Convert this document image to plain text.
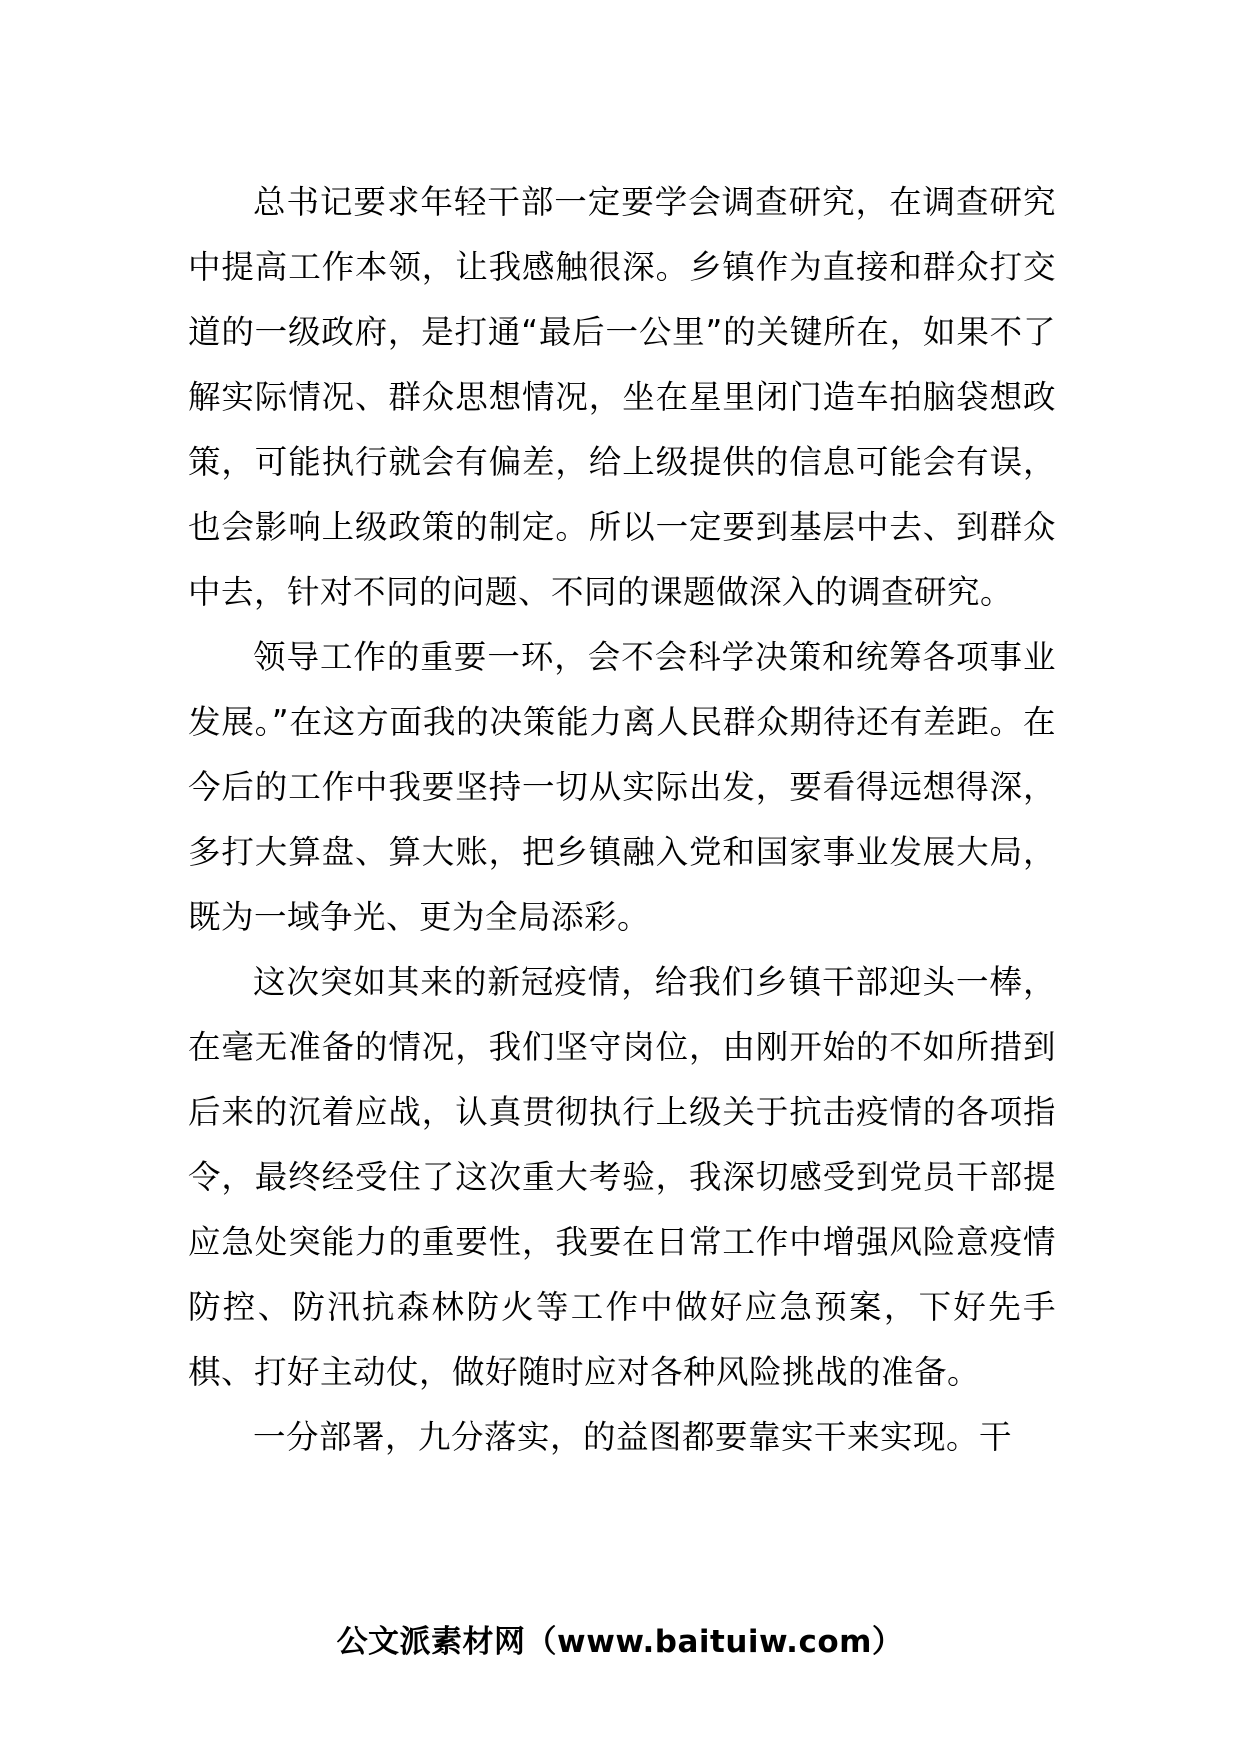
总书记要求年轻干部一定要学会调查研究，在调查研究中提高工作本领，让我感触很深。乡镇作为直接和群众打交道的一级政府，是打通“最后一公里”的关键所在，如果不了解实际情况、群众思想情况，坐在星里闭门造车拍脑袋想政策，可能执行就会有偏差，给上级提供的信息可能会有误，也会影响上级政策的制定。所以一定要到基层中去、到群众中去，针对不同的问题、不同的课题做深入的调查研究。

领导工作的重要一环，会不会科学决策和统筹各项事业发展。”在这方面我的决策能力离人民群众期待还有差距。在今后的工作中我要坚持一切从实际出发，要看得远想得深，多打大算盘、算大账，把乡镇融入党和国家事业发展大局，既为一域争光、更为全局添彩。

这次突如其来的新冠疫情，给我们乡镇干部迎头一棒，在毫无准备的情况，我们坚守岗位，由刚开始的不如所措到后来的沉着应战，认真贯彻执行上级关于抗击疫情的各项指令，最终经受住了这次重大考验，我深切感受到党员干部提应急处突能力的重要性，我要在日常工作中增强风险意疫情防控、防汛抗森林防火等工作中做好应急预案，下好先手棋、打好主动仗，做好随时应对各种风险挑战的准备。

一分部署，九分落实，的益图都要靠实干来实现。干

公文派素材网（www.baituiw.com）
